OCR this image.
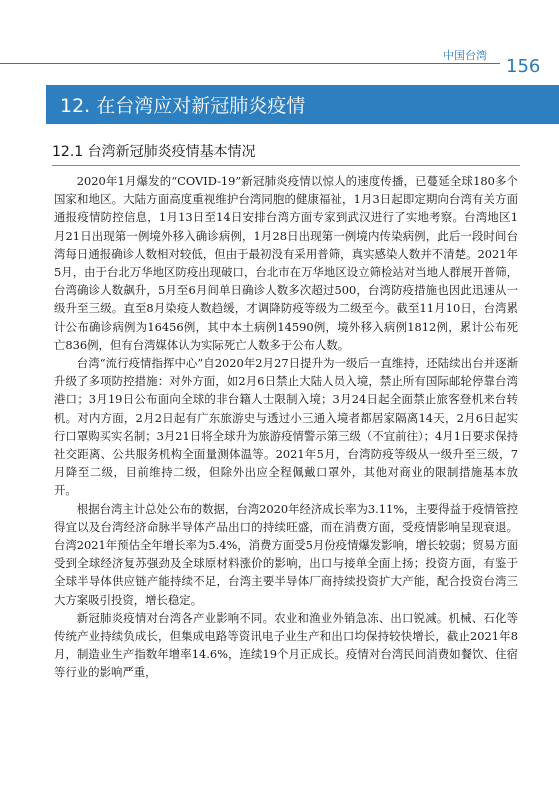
中国台湾
156
12. 在台湾应对新冠肺炎疫情
12.1 台湾新冠肺炎疫情基本情况

2020年1月爆发的“COVID-19”新冠肺炎疫情以惊人的速度传播，已蔓延全球180多个国家和地区。大陆方面高度重视维护台湾同胞的健康福祉，1月3日起即定期向台湾有关方面通报疫情防控信息，1月13日至14日安排台湾方面专家到武汉进行了实地考察。台湾地区1月21日出现第一例境外移入确诊病例，1月28日出现第一例境内传染病例，此后一段时间台湾每日通报确诊人数相对较低，但由于最初没有采用普筛，真实感染人数并不清楚。2021年5月，由于台北万华地区防疫出现破口，台北市在万华地区设立筛检站对当地人群展开普筛，台湾确诊人数飙升，5月至6月间单日确诊人数多次超过500，台湾防疫措施也因此迅速从一级升至三级。直至8月染疫人数趋缓，才调降防疫等级为二级至今。截至11月10日，台湾累计公布确诊病例为16456例，其中本土病例14590例，境外移入病例1812例，累计公布死亡836例，但有台湾媒体认为实际死亡人数多于公布人数。

台湾“流行疫情指挥中心”自2020年2月27日提升为一级后一直维持，还陆续出台并逐渐升级了多项防控措施：对外方面，如2月6日禁止大陆人员入境，禁止所有国际邮轮停靠台湾港口；3月19日公布面向全球的非台籍人士限制入境；3月24日起全面禁止旅客登机来台转机。对内方面，2月2日起有广东旅游史与透过小三通入境者都居家隔离14天，2月6日起实行口罩购买实名制；3月21日将全球升为旅游疫情警示第三级（不宜前往）；4月1日要求保持社交距离、公共服务机构全面量测体温等。2021年5月，台湾防疫等级从一级升至三级，7月降至二级，目前维持二级，但除外出应全程佩戴口罩外，其他对商业的限制措施基本放开。

根据台湾主计总处公布的数据，台湾2020年经济成长率为3.11%，主要得益于疫情管控得宜以及台湾经济命脉半导体产品出口的持续旺盛，而在消费方面，受疫情影响呈现衰退。台湾2021年预估全年增长率为5.4%，消费方面受5月份疫情爆发影响，增长较弱；贸易方面受到全球经济复苏强劲及全球原材料涨价的影响，出口与接单全面上扬；投资方面，有鉴于全球半导体供应链产能持续不足，台湾主要半导体厂商持续投资扩大产能，配合投资台湾三大方案吸引投资，增长稳定。

新冠肺炎疫情对台湾各产业影响不同。农业和渔业外销急冻、出口锐减。机械、石化等传统产业持续负成长，但集成电路等资讯电子业生产和出口均保持较快增长，截止2021年8月，制造业生产指数年增率14.6%，连续19个月正成长。疫情对台湾民间消费如餐饮、住宿等行业的影响严重，
